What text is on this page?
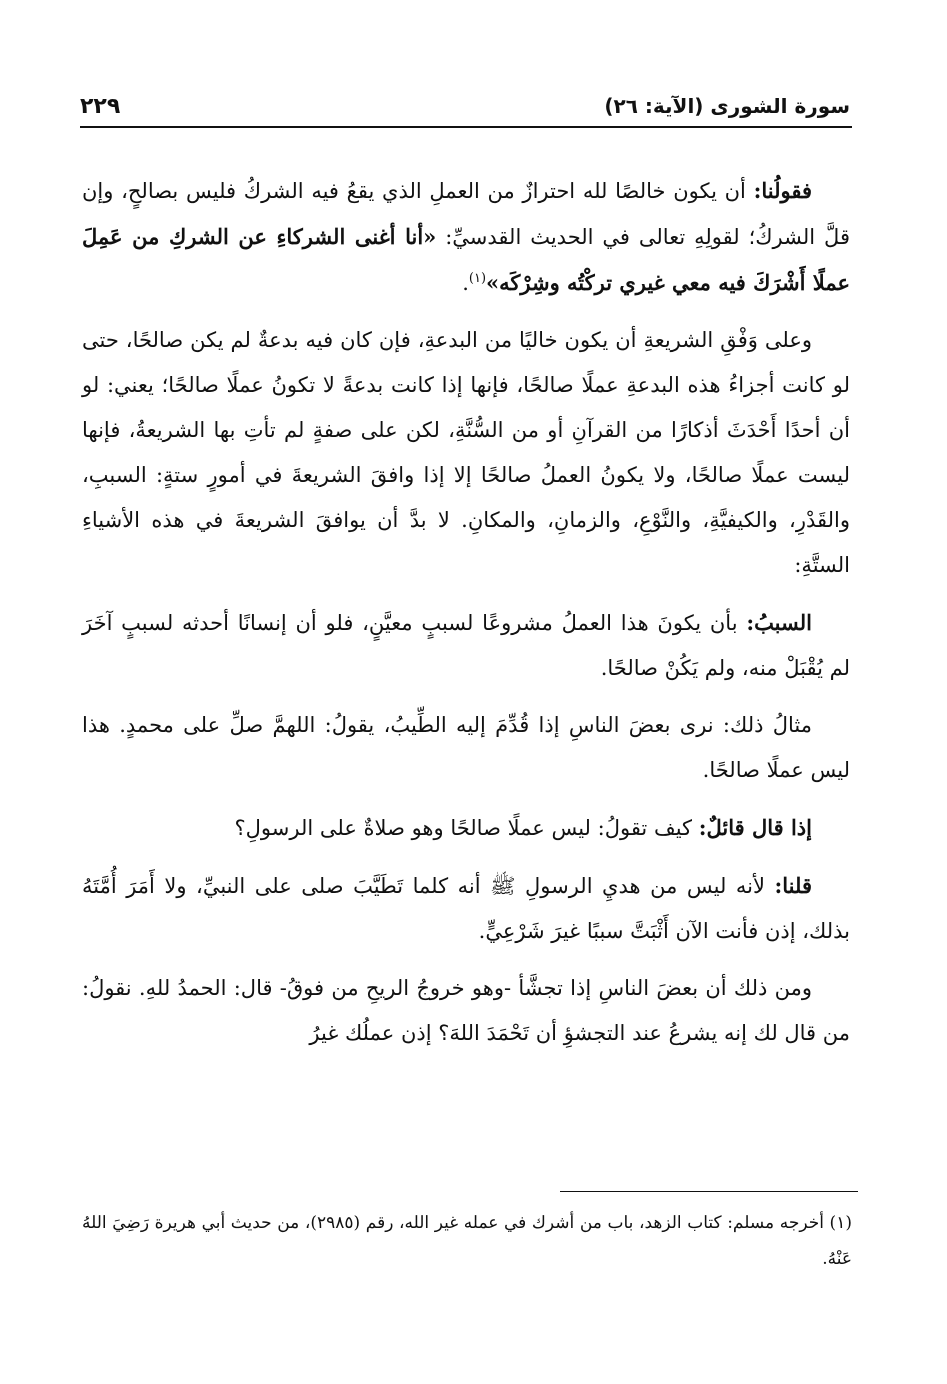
سورة الشورى (الآية: ٢٦)
٢٢٩

فقولُنا: أن يكون خالصًا لله احترازٌ من العملِ الذي يقعُ فيه الشركُ فليس بصالحٍ، وإن قلَّ الشركُ؛ لقولِهِ تعالى في الحديث القدسيِّ: «أنا أغنى الشركاءِ عن الشركِ من عَمِلَ عملًا أَشْرَكَ فيه معي غيري تركْتُه وشِرْكَه»$^{(١)}$.

وعلى وَفْقِ الشريعةِ أن يكون خاليًا من البدعةِ، فإن كان فيه بدعةٌ لم يكن صالحًا، حتى لو كانت أجزاءُ هذه البدعةِ عملًا صالحًا، فإنها إذا كانت بدعةً لا تكونُ عملًا صالحًا؛ يعني: لو أن أحدًا أَحْدَثَ أذكارًا من القرآنِ أو من السُّنَّةِ، لكن على صفةٍ لم تأتِ بها الشريعةُ، فإنها ليست عملًا صالحًا، ولا يكونُ العملُ صالحًا إلا إذا وافقَ الشريعةَ في أمورٍ ستةٍ: السببِ، والقَدْرِ، والكيفيَّةِ، والنَّوْعِ، والزمانِ، والمكانِ. لا بدَّ أن يوافقَ الشريعةَ في هذه الأشياءِ الستَّةِ:

السببُ: بأن يكونَ هذا العملُ مشروعًا لسببٍ معيَّنٍ، فلو أن إنسانًا أحدثه لسببٍ آخَرَ لم يُقْبَلْ منه، ولم يَكُنْ صالحًا.

مثالُ ذلك: نرى بعضَ الناسِ إذا قُدِّمَ إليه الطِّيبُ، يقولُ: اللهمَّ صلِّ على محمدٍ. هذا ليس عملًا صالحًا.

إذا قال قائلٌ: كيف تقولُ: ليس عملًا صالحًا وهو صلاةٌ على الرسولِ؟

قلنا: لأنه ليس من هديِ الرسولِ ﷺ أنه كلما تَطَيَّبَ صلى على النبيِّ، ولا أَمَرَ أُمَّتَهُ بذلك، إذن فأنت الآن أَثْبَتَّ سببًا غيرَ شَرْعِيٍّ.

ومن ذلك أن بعضَ الناسِ إذا تجشَّأ -وهو خروجُ الريحِ من فوقُ- قال: الحمدُ للهِ. نقولُ: من قال لك إنه يشرعُ عند التجشؤِ أن تَحْمَدَ اللهَ؟ إذن عملُك غيرُ

(١) أخرجه مسلم: كتاب الزهد، باب من أشرك في عمله غير الله، رقم (٢٩٨٥)، من حديث أبي هريرة رَضِيَ اللهُ عَنْهُ.
